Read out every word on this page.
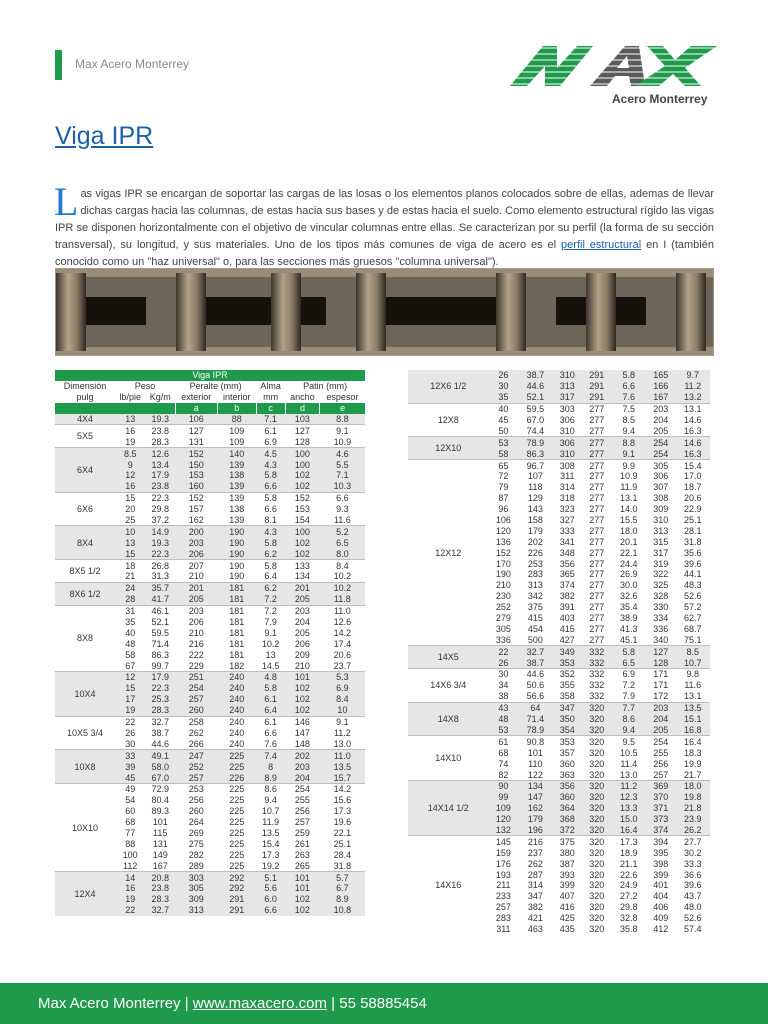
Max Acero Monterrey
Acero Monterrey
Viga IPR
Las vigas IPR se encargan de soportar las cargas de las losas o los elementos planos colocados sobre de ellas, ademas de llevar dichas cargas hacia las columnas, de estas hacia sus bases y de estas hacia el suelo. Como elemento estructural rígido las vigas IPR se disponen horizontalmente con el objetivo de vincular columnas entre ellas. Se caracterizan por su perfil (la forma de su sección transversal), su longitud, y sus materiales. Uno de los tipos más comunes de viga de acero es el perfil estructural en I (también conocido como un "haz universal" o, para las secciones más gruesos "columna universal").
Viga IPR							
Dimensión	Peso		Peralte (mm)		Alma	Patin (mm)	
pulg	lb/pie	Kg/m	exterior	interior	mm	ancho	espesor
			a	b	c	d	e
4X4	13	19.3	106	88	7.1	103	8.8
5X5	16	23.8	127	109	6.1	127	9.1
	19	28.3	131	109	6.9	128	10.9
6X4	8.5	12.6	152	140	4.5	100	4.6
	9	13.4	150	139	4.3	100	5.5
	12	17.9	153	138	5.8	102	7.1
	16	23.8	160	139	6.6	102	10.3
6X6	15	22.3	152	139	5.8	152	6.6
	20	29.8	157	138	6.6	153	9.3
	25	37.2	162	139	8.1	154	11.6
8X4	10	14.9	200	190	4.3	100	5.2
	13	19.3	203	190	5.8	102	6.5
	15	22.3	206	190	6.2	102	8.0
8X5 1/2	18	26.8	207	190	5.8	133	8.4
	21	31.3	210	190	6.4	134	10.2
8X6 1/2	24	35.7	201	181	6.2	201	10.2
	28	41.7	205	181	7.2	205	11.8
8X8	31	46.1	203	181	7.2	203	11.0
	35	52.1	206	181	7.9	204	12.6
	40	59.5	210	181	9.1	205	14.2
	48	71.4	216	181	10.2	206	17.4
	58	86.3	222	181	13	209	20.6
	67	99.7	229	182	14.5	210	23.7
10X4	12	17.9	251	240	4.8	101	5.3
	15	22.3	254	240	5.8	102	6.9
	17	25.3	257	240	6.1	102	8.4
	19	28.3	260	240	6.4	102	10
10X5 3/4	22	32.7	258	240	6.1	146	9.1
	26	38.7	262	240	6.6	147	11.2
	30	44.6	266	240	7.6	148	13.0
10X8	33	49.1	247	225	7.4	202	11.0
	39	58.0	252	225	8	203	13.5
	45	67.0	257	226	8.9	204	15.7
10X10	49	72.9	253	225	8.6	254	14.2
	54	80.4	256	225	9.4	255	15.6
	60	89.3	260	225	10.7	256	17.3
	68	101	264	225	11.9	257	19.6
	77	115	269	225	13.5	259	22.1
	88	131	275	225	15.4	261	25.1
	100	149	282	225	17.3	263	28.4
	112	167	289	225	19.2	265	31.8
12X4	14	20.8	303	292	5.1	101	5.7
	16	23.8	305	292	5.6	101	6.7
	19	28.3	309	291	6.0	102	8.9
	22	32.7	313	291	6.6	102	10.8
12X6 1/2	26	38.7	310	291	5.8	165	9.7
	30	44.6	313	291	6.6	166	11.2
	35	52.1	317	291	7.6	167	13.2
12X8	40	59.5	303	277	7.5	203	13.1
	45	67.0	306	277	8.5	204	14.6
	50	74.4	310	277	9.4	205	16.3
12X10	53	78.9	306	277	8.8	254	14.6
	58	86.3	310	277	9.1	254	16.3
12X12	65	96.7	308	277	9.9	305	15.4
	72	107	311	277	10.9	306	17.0
	79	118	314	277	11.9	307	18.7
	87	129	318	277	13.1	308	20.6
	96	143	323	277	14.0	309	22.9
	106	158	327	277	15.5	310	25.1
	120	179	333	277	18.0	313	28.1
	136	202	341	277	20.1	315	31.8
	152	226	348	277	22.1	317	35.6
	170	253	356	277	24.4	319	39.6
	190	283	365	277	26.9	322	44.1
	210	313	374	277	30.0	325	48.3
	230	342	382	277	32.6	328	52.6
	252	375	391	277	35.4	330	57.2
	279	415	403	277	38.9	334	62.7
	305	454	415	277	41.3	336	68.7
	336	500	427	277	45.1	340	75.1
14X5	22	32.7	349	332	5.8	127	8.5
	26	38.7	353	332	6.5	128	10.7
14X6 3/4	30	44.6	352	332	6.9	171	9.8
	34	50.6	355	332	7.2	171	11.6
	38	56.6	358	332	7.9	172	13.1
14X8	43	64	347	320	7.7	203	13.5
	48	71.4	350	320	8.6	204	15.1
	53	78.9	354	320	9.4	205	16.8
14X10	61	90.8	353	320	9.5	254	16.4
	68	101	357	320	10.5	255	18.3
	74	110	360	320	11.4	256	19.9
	82	122	363	320	13.0	257	21.7
14X14 1/2	90	134	356	320	11.2	369	18.0
	99	147	360	320	12.3	370	19.8
	109	162	364	320	13.3	371	21.8
	120	179	368	320	15.0	373	23.9
	132	196	372	320	16.4	374	26.2
14X16	145	216	375	320	17.3	394	27.7
	159	237	380	320	18.9	395	30.2
	176	262	387	320	21.1	398	33.3
	193	287	393	320	22.6	399	36.6
	211	314	399	320	24.9	401	39.6
	233	347	407	320	27.2	404	43.7
	257	382	416	320	29.8	406	48.0
	283	421	425	320	32.8	409	52.6
	311	463	435	320	35.8	412	57.4
Max Acero Monterrey | www.maxacero.com | 55 58885454
